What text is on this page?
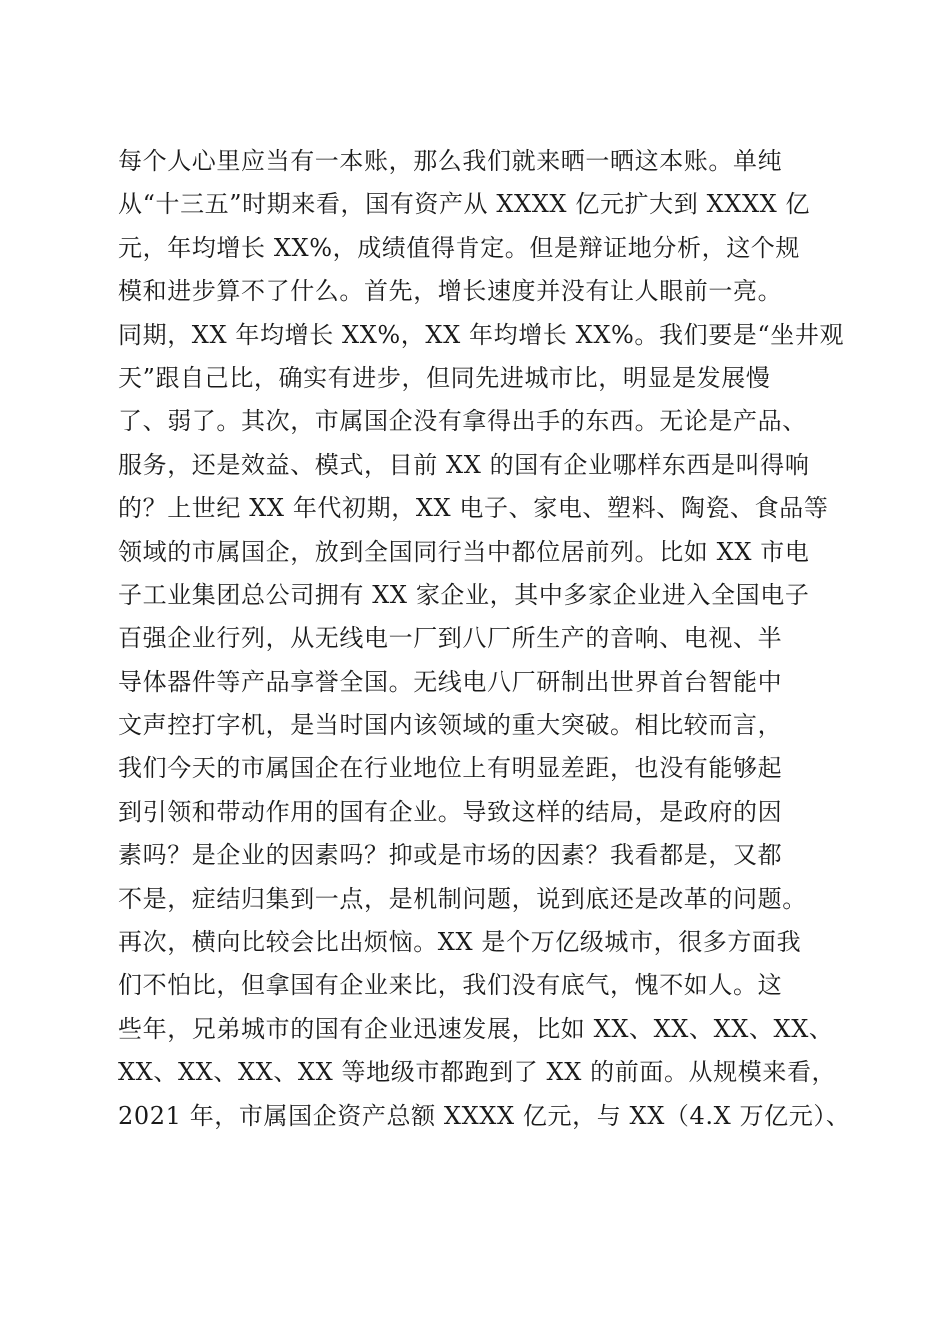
每个人心里应当有一本账，那么我们就来晒一晒这本账。单纯
从“十三五”时期来看，国有资产从 XXXX 亿元扩大到 XXXX 亿
元，年均增长 XX%，成绩值得肯定。但是辩证地分析，这个规
模和进步算不了什么。首先，增长速度并没有让人眼前一亮。
同期，XX 年均增长 XX%，XX 年均增长 XX%。我们要是“坐井观
天”跟自己比，确实有进步，但同先进城市比，明显是发展慢
了、弱了。其次，市属国企没有拿得出手的东西。无论是产品、
服务，还是效益、模式，目前 XX 的国有企业哪样东西是叫得响
的？上世纪 XX 年代初期，XX 电子、家电、塑料、陶瓷、食品等
领域的市属国企，放到全国同行当中都位居前列。比如 XX 市电
子工业集团总公司拥有 XX 家企业，其中多家企业进入全国电子
百强企业行列，从无线电一厂到八厂所生产的音响、电视、半
导体器件等产品享誉全国。无线电八厂研制出世界首台智能中
文声控打字机，是当时国内该领域的重大突破。相比较而言，
我们今天的市属国企在行业地位上有明显差距，也没有能够起
到引领和带动作用的国有企业。导致这样的结局，是政府的因
素吗？是企业的因素吗？抑或是市场的因素？我看都是，又都
不是，症结归集到一点，是机制问题，说到底还是改革的问题。
再次，横向比较会比出烦恼。XX 是个万亿级城市，很多方面我
们不怕比，但拿国有企业来比，我们没有底气，愧不如人。这
些年，兄弟城市的国有企业迅速发展，比如 XX、XX、XX、XX、
XX、XX、XX、XX 等地级市都跑到了 XX 的前面。从规模来看，
2021 年，市属国企资产总额 XXXX 亿元，与 XX（4.X 万亿元）、
